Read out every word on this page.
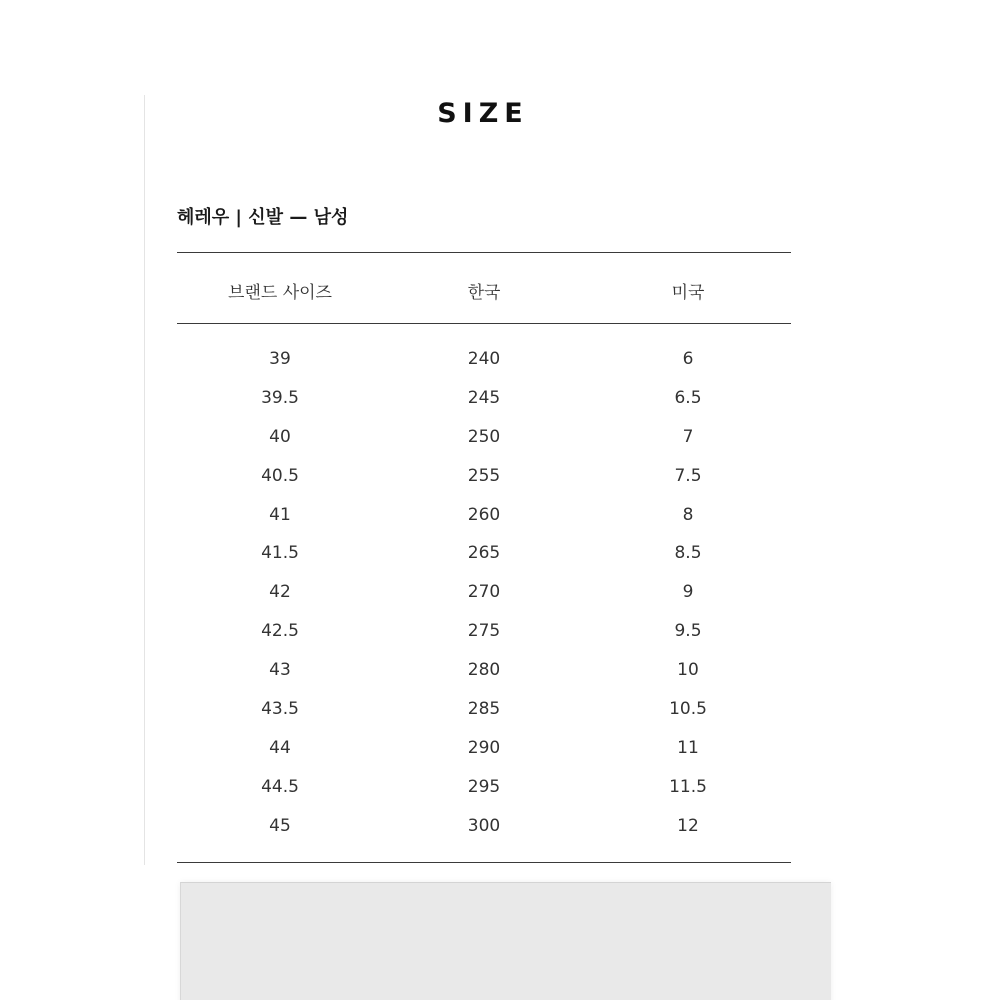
SIZE
헤레우 | 신발 — 남성
브랜드 사이즈	한국	미국
39	240	6
39.5	245	6.5
40	250	7
40.5	255	7.5
41	260	8
41.5	265	8.5
42	270	9
42.5	275	9.5
43	280	10
43.5	285	10.5
44	290	11
44.5	295	11.5
45	300	12
